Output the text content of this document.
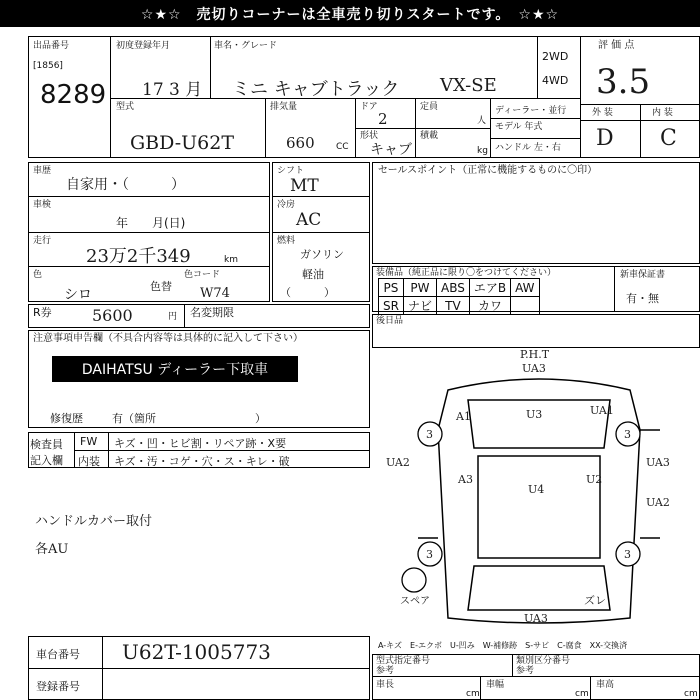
☆★☆　売切りコーナーは全車売り切りスタートです。　☆★☆
出品番号
[1856]
8289
初度登録年月
17 3 月
車名・グレード
ミニ キャブトラック VX-SE
2WD
4WD
評 価 点
3.5
外 装	内 装
D C
型式
GBD-U62T
排気量
660 CC
ドア
2
形状
キャブ
定員
人
積載
kg
ディーラー・並行
モデル 年式
ハンドル 左・右
車歴
自家用・（　　　）
車検
年　　月(日)
走行
23万2千349	km
色
シロ
色替
色コード
W74
シフト
MT
冷房
AC
燃料
ガソリン
軽油
（　　　）
セールスポイント（正常に機能するものに〇印）
装備品（純正品に限り〇をつけてください）
PS	PW	ABS	エアB	AW
SR	ナビ	TV	カワ	
新車保証書
有・無
R券	5600	円 名変期限
後日品
注意事項申告欄（不具合内容等は具体的に記入して下さい）
DAIHATSU ディーラー下取車
修復歴	有（箇所　　　　　　　　　）
検査員
記入欄
FW キズ・凹・ヒビ割・リペア跡・X要
内装 キズ・汚・コゲ・穴・ス・キレ・破
ハンドルカバー取付
各AU
P.H.T
UA3
U3
A1	UA1
UA2	UA3
A3
U4
U2
UA2
ズレ
UA3
3	3
3	3
スペア
A-キズ　E-エクボ　U-凹み　W-補修跡　S-サビ　C-腐食　XX-交換済
車台番号 U62T-1005773
登録番号
型式指定番号
参考
類別区分番号
参考
車長
cm
車幅
cm
車高
cm
